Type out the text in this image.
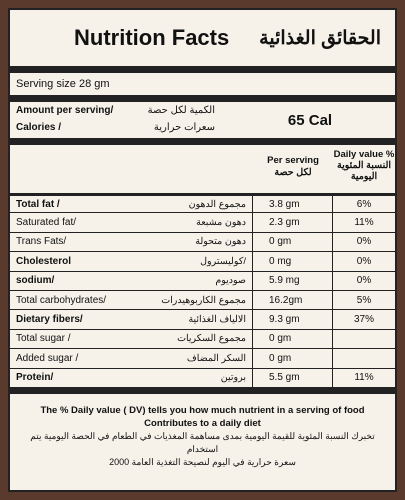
Nutrition Facts الحقائق الغذائية
Serving size 28 gm
Amount per serving/	الكمية لكل حصة
Calories /	سعرات حرارية	65 Cal
Per serving
لكل حصة
Daily value %
النسبة المئوية
اليومية
Total fat /	مجموع الدهون	3.8 gm	6%
Saturated fat/	دهون مشبعة	2.3 gm	11%
Trans Fats/	دهون متحولة	0 gm	0%
Cholesterol	/كوليسترول	0 mg	0%
sodium/	صوديوم	5.9 mg	0%
Total carbohydrates/	مجموع الكاربوهيدرات	16.2gm	5%
Dietary fibers/	الالياف الغذائية	9.3 gm	37%
Total sugar /	مجموع السكريات	0 gm
Added sugar /	السكر المضاف	0 gm
Protein/	بروتين	5.5 gm	11%
The % Daily value ( DV) tells you how much nutrient in a serving of food
Contributes to a daily diet
تخبرك النسبة المئوية للقيمة اليومية بمدى مساهمة المغذيات في الطعام في الحصة اليومية يتم استخدام
سعرة حرارية في اليوم لنصيحة التغذية العامة 2000
